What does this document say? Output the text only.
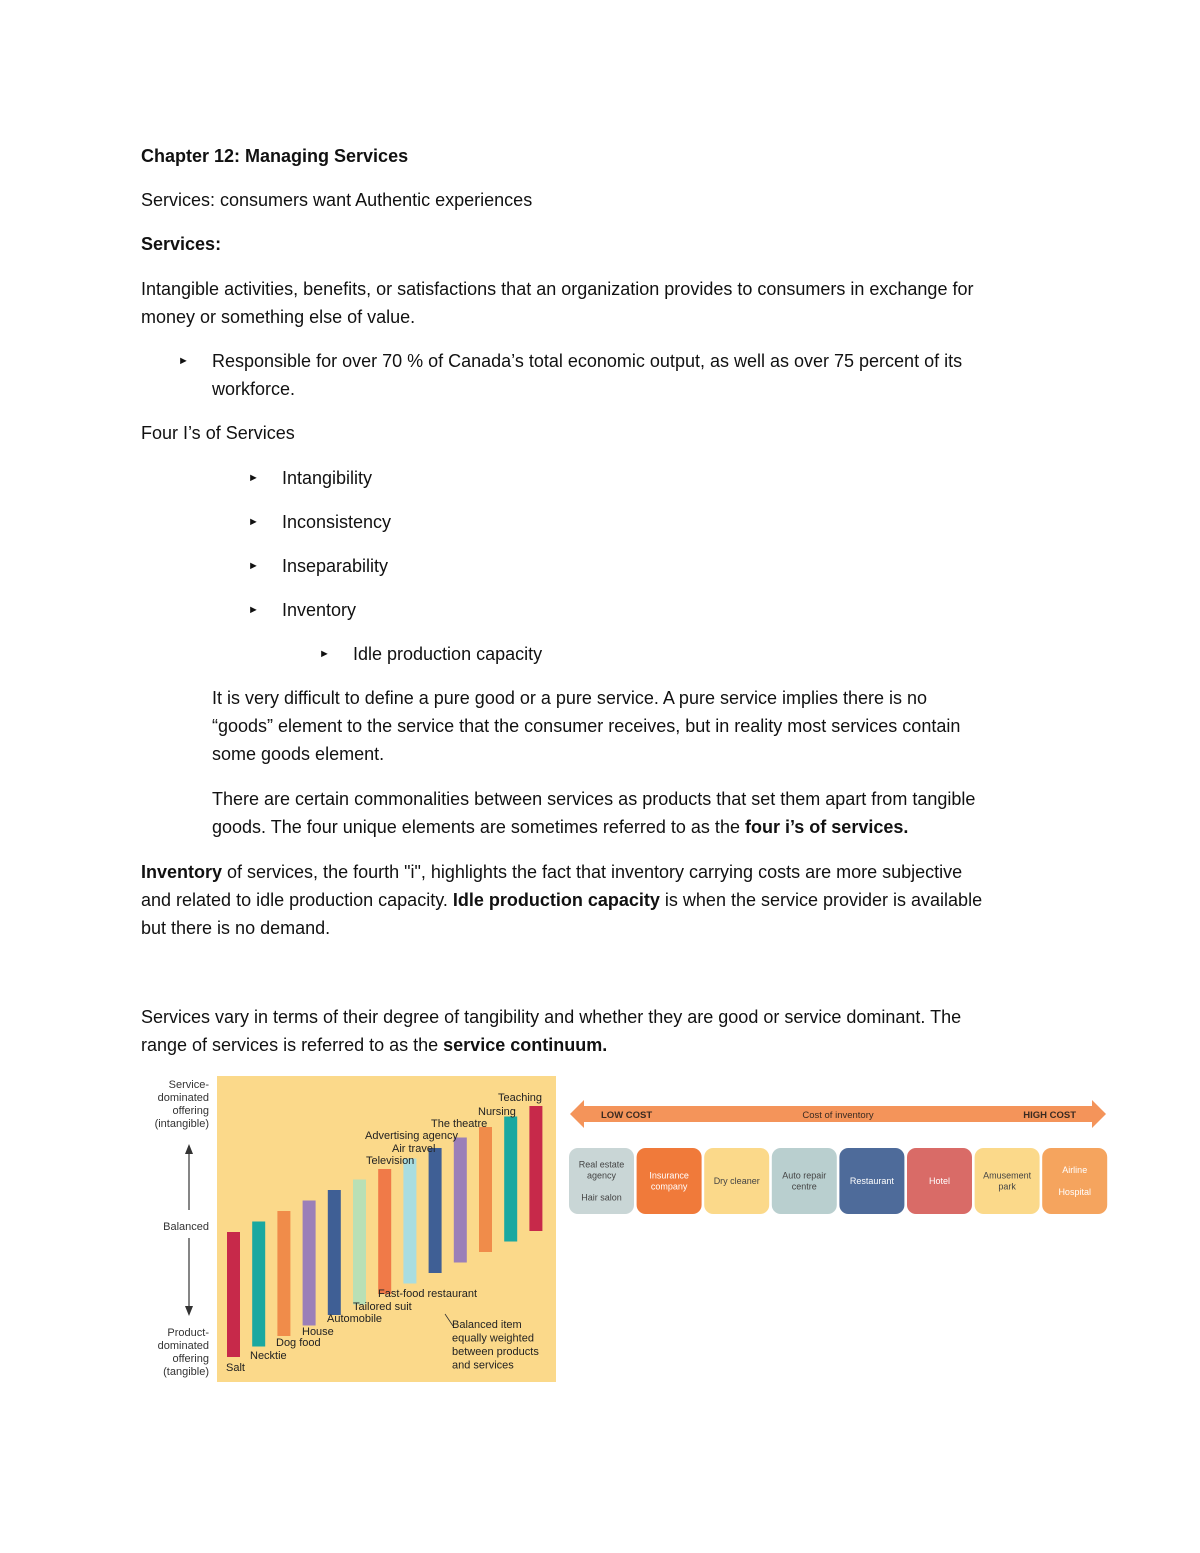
Chapter 12: Managing Services

Services: consumers want Authentic experiences

Services:

Intangible activities, benefits, or satisfactions that an organization provides to consumers in exchange for

money or something else of value.

► Responsible for over 70 % of Canada’s total economic output, as well as over 75 percent of its

workforce.

Four I’s of Services

► Intangibility

► Inconsistency

► Inseparability

► Inventory

► Idle production capacity

It is very difficult to define a pure good or a pure service. A pure service implies there is no

“goods” element to the service that the consumer receives, but in reality most services contain

some goods element.

There are certain commonalities between services as products that set them apart from tangible

goods. The four unique elements are sometimes referred to as the four i’s of services.

Inventory of services, the fourth "i", highlights the fact that inventory carrying costs are more subjective

and related to idle production capacity. Idle production capacity is when the service provider is available

but there is no demand.

Services vary in terms of their degree of tangibility and whether they are good or service dominant. The

range of services is referred to as the service continuum.

Service-
dominated
offering
(intangible)
Balanced
Product-
dominated
offering
(tangible) Salt
Necktie
Dog food
House
Automobile
Tailored suit
Fast-food restaurant
Television
Air travel
Advertising agency
The theatre
Nursing
Teaching
Balanced item
equally weighted
between products
and services
LOW COST	Cost of inventory	HIGH COST
Real estate
agency
Hair salon
Insurance
company
Dry cleaner
Auto repair
centre
Restaurant	Hotel
Amusement
park
Airline
Hospital
